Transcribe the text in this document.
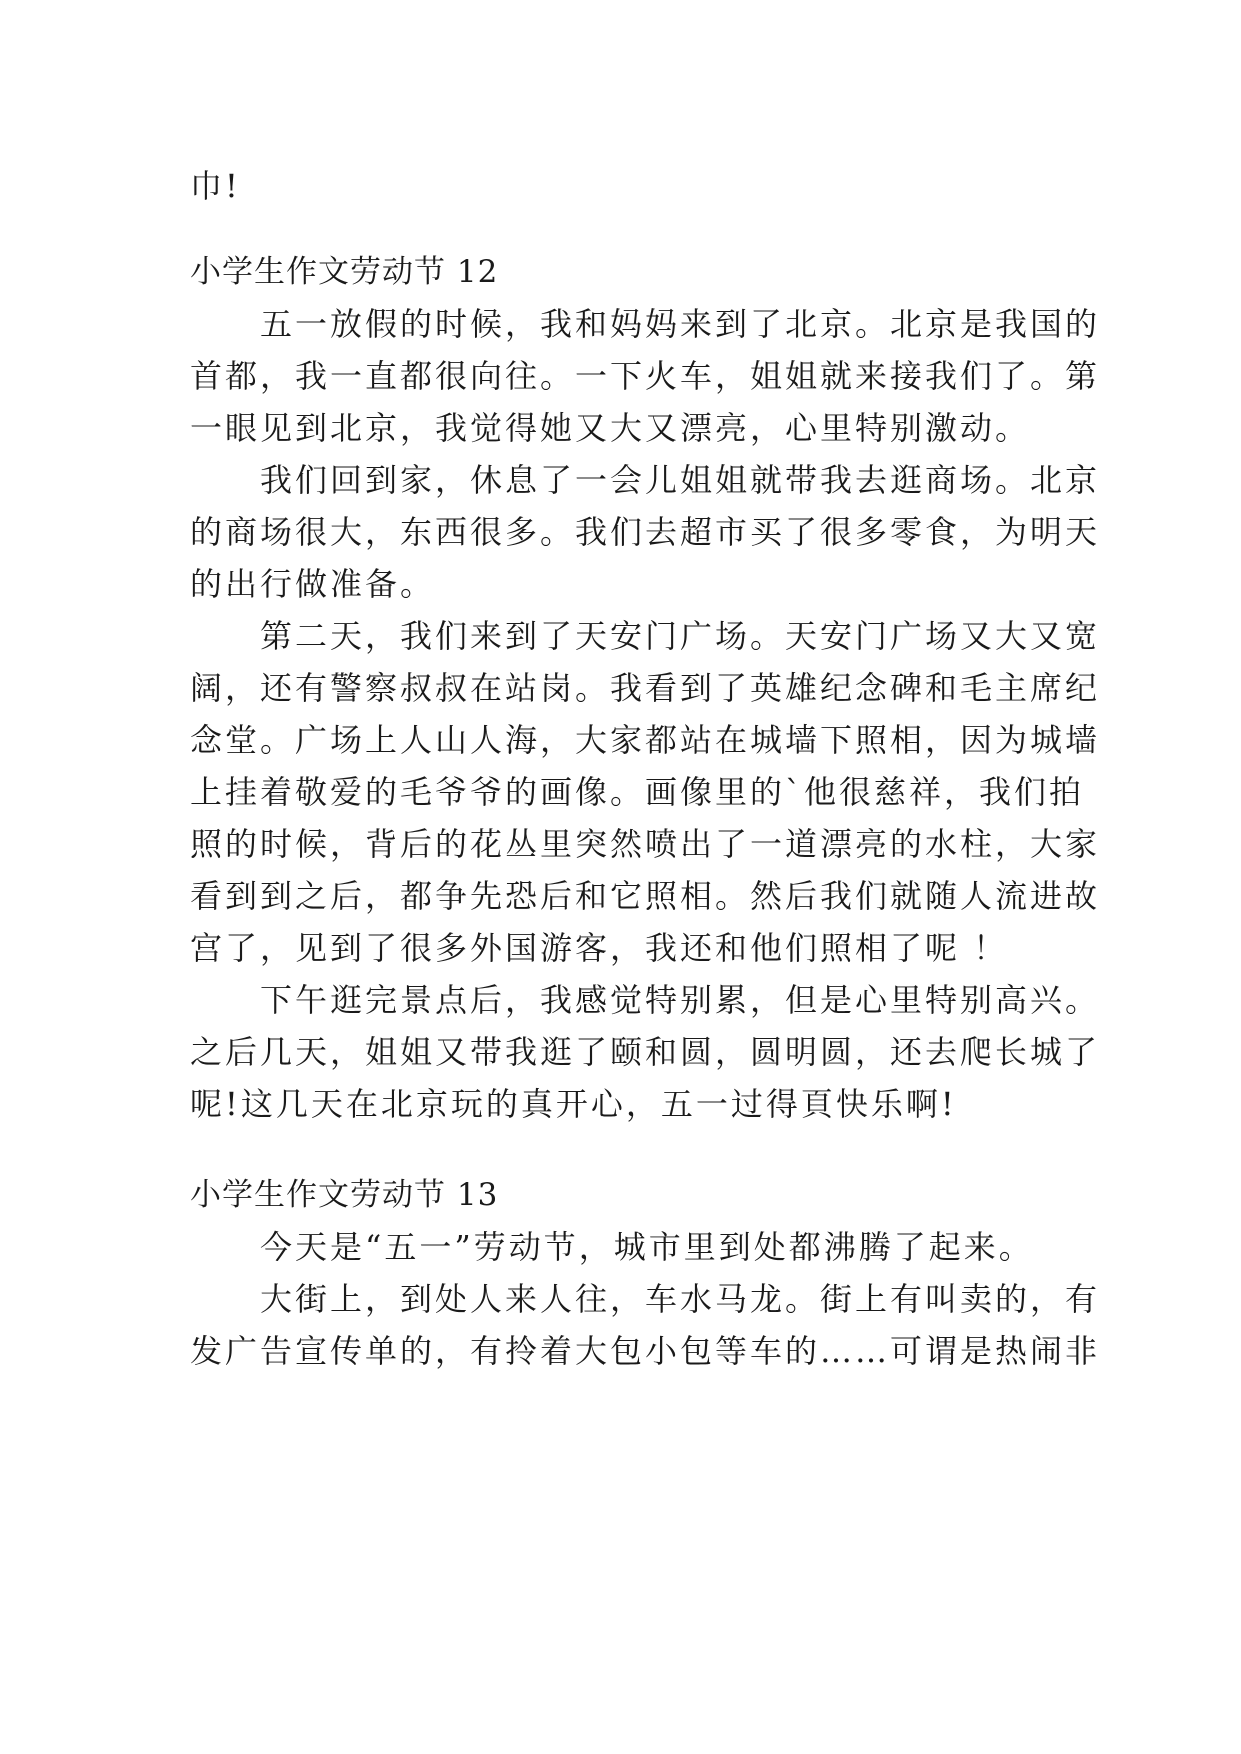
巾!
小学生作文劳动节 12
　　五一放假的时候，我和妈妈来到了北京。北京是我国的
首都，我一直都很向往。一下火车，姐姐就来接我们了。第
一眼见到北京，我觉得她又大又漂亮，心里特别激动。
　　我们回到家，休息了一会儿姐姐就带我去逛商场。北京
的商场很大，东西很多。我们去超市买了很多零食，为明天
的出行做准备。
　　第二天，我们来到了天安门广场。天安门广场又大又宽
阔，还有警察叔叔在站岗。我看到了英雄纪念碑和毛主席纪
念堂。广场上人山人海，大家都站在城墙下照相，因为城墙
上挂着敬爱的毛爷爷的画像。画像里的`他很慈祥，我们拍
照的时候，背后的花丛里突然喷出了一道漂亮的水柱，大家
看到到之后，都争先恐后和它照相。然后我们就随人流进故
宫了，见到了很多外国游客，我还和他们照相了呢 ！
　　下午逛完景点后，我感觉特别累，但是心里特别高兴。
之后几天，姐姐又带我逛了颐和圆，圆明圆，还去爬长城了
呢!这几天在北京玩的真开心，五一过得頁快乐啊!
小学生作文劳动节 13
　　今天是“五一”劳动节，城市里到处都沸腾了起来。
　　大街上，到处人来人往，车水马龙。街上有叫卖的，有
发广告宣传单的，有拎着大包小包等车的……可谓是热闹非
